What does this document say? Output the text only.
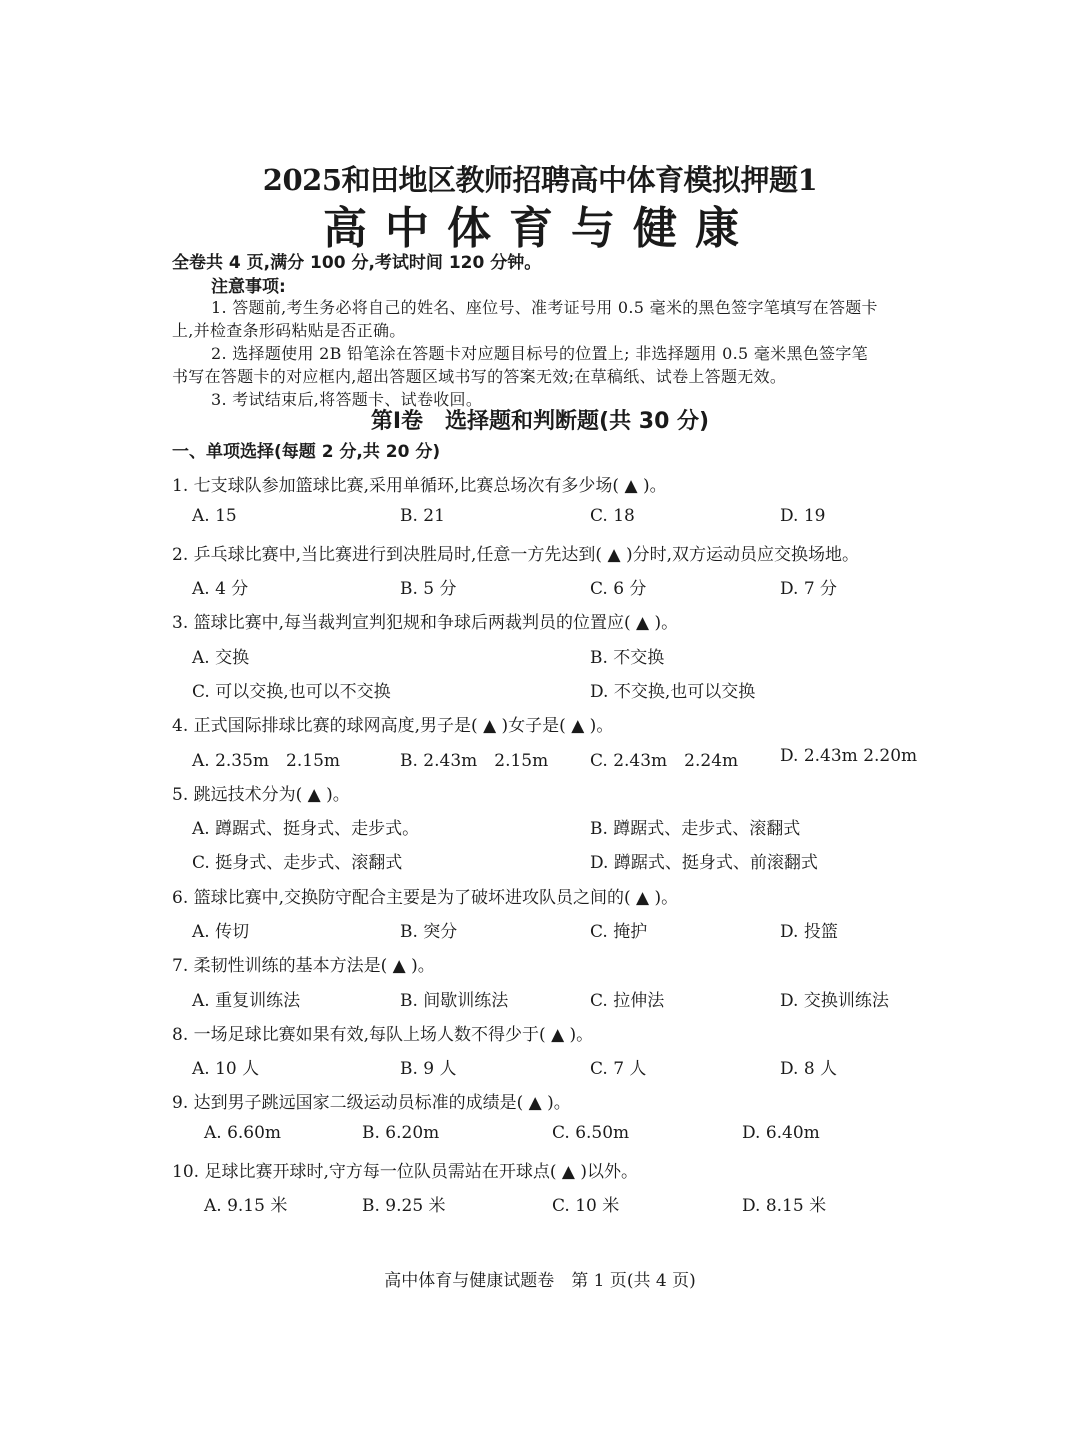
2025和田地区教师招聘高中体育模拟押题1
高中体育与健康
全卷共 4 页,满分 100 分,考试时间 120 分钟。
注意事项:
1. 答题前,考生务必将自己的姓名、座位号、准考证号用 0.5 毫米的黑色签字笔填写在答题卡
上,并检查条形码粘贴是否正确。
2. 选择题使用 2B 铅笔涂在答题卡对应题目标号的位置上; 非选择题用 0.5 毫米黑色签字笔
书写在答题卡的对应框内,超出答题区域书写的答案无效;在草稿纸、试卷上答题无效。
3. 考试结束后,将答题卡、试卷收回。
第Ⅰ卷　选择题和判断题(共 30 分)
一、单项选择(每题 2 分,共 20 分)
1. 七支球队参加篮球比赛,采用单循环,比赛总场次有多少场( ▲ )。
A. 15	B. 21	C. 18	D. 19
2. 乒乓球比赛中,当比赛进行到决胜局时,任意一方先达到( ▲ )分时,双方运动员应交换场地。
A. 4 分	B. 5 分	C. 6 分	D. 7 分
3. 篮球比赛中,每当裁判宣判犯规和争球后两裁判员的位置应( ▲ )。
A. 交换	B. 不交换
C. 可以交换,也可以不交换	D. 不交换,也可以交换
4. 正式国际排球比赛的球网高度,男子是( ▲ )女子是( ▲ )。
A. 2.35m　2.15m	B. 2.43m　2.15m C. 2.43m　2.24m D. 2.43m 2.20m
5. 跳远技术分为( ▲ )。
A. 蹲踞式、挺身式、走步式。	B. 蹲踞式、走步式、滚翻式
C. 挺身式、走步式、滚翻式	D. 蹲踞式、挺身式、前滚翻式
6. 篮球比赛中,交换防守配合主要是为了破坏进攻队员之间的( ▲ )。
A. 传切	B. 突分	C. 掩护	D. 投篮
7. 柔韧性训练的基本方法是( ▲ )。
A. 重复训练法	B. 间歇训练法	C. 拉伸法	D. 交换训练法
8. 一场足球比赛如果有效,每队上场人数不得少于( ▲ )。
A. 10 人	B. 9 人	C. 7 人	D. 8 人
9. 达到男子跳远国家二级运动员标准的成绩是( ▲ )。
A. 6.60m	B. 6.20m	C. 6.50m	D. 6.40m
10. 足球比赛开球时,守方每一位队员需站在开球点( ▲ )以外。
A. 9.15 米	B. 9.25 米	C. 10 米	D. 8.15 米
高中体育与健康试题卷　第 1 页(共 4 页)
